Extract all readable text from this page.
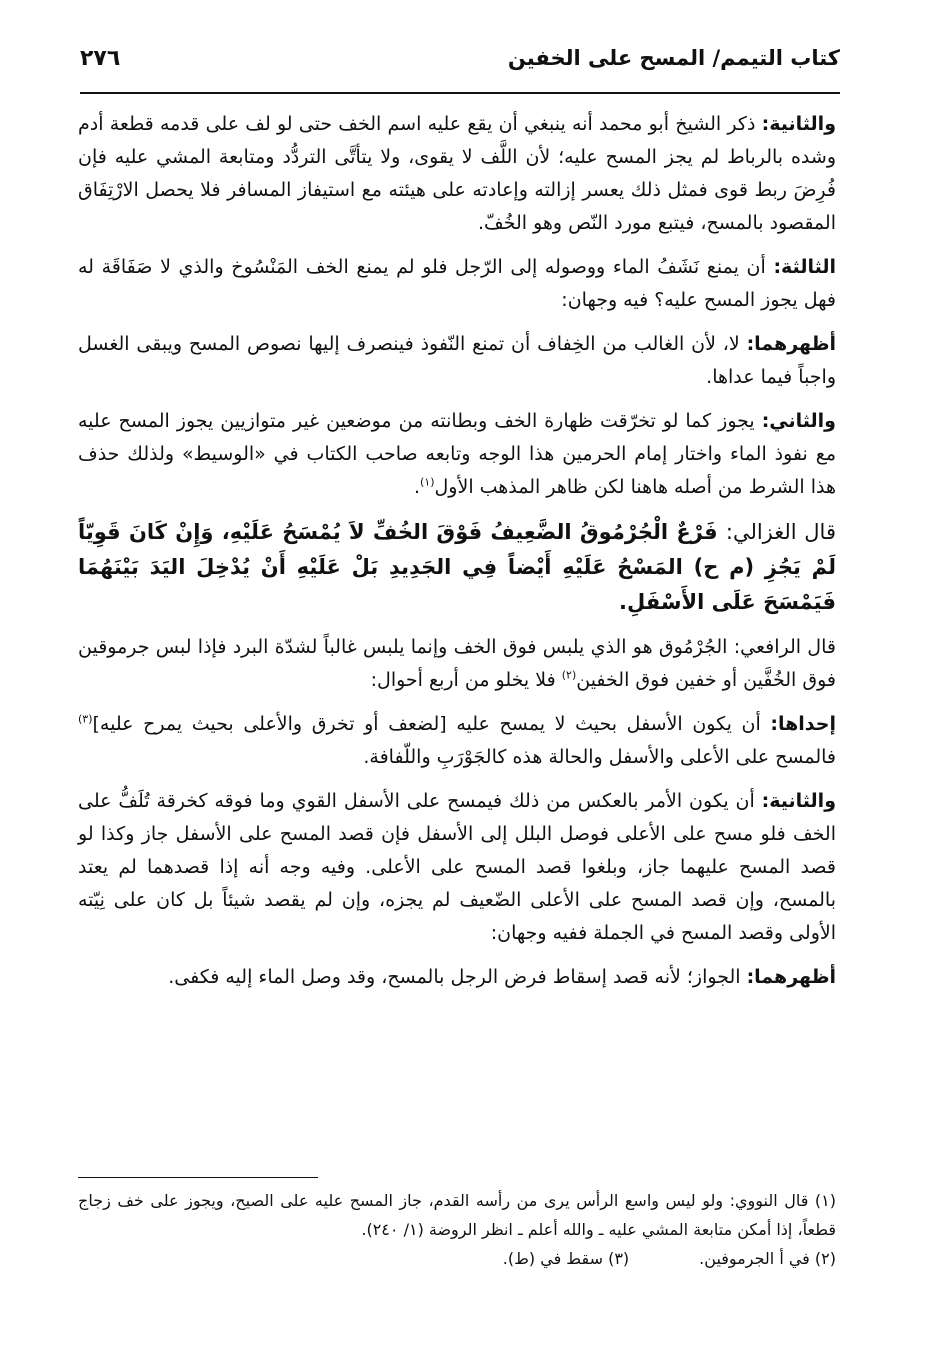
كتاب التيمم/ المسح على الخفين
٢٧٦

والثانية: ذكر الشيخ أبو محمد أنه ينبغي أن يقع عليه اسم الخف حتى لو لف على قدمه قطعة أدم وشده بالرباط لم يجز المسح عليه؛ لأن اللَّف لا يقوى، ولا يتأتَّى التردُّد ومتابعة المشي عليه فإن فُرِضَ ربط قوى فمثل ذلك يعسر إزالته وإعادته على هيئته مع استيفاز المسافر فلا يحصل الارْتِفَاق المقصود بالمسح، فيتبع مورد النّص وهو الخُفّ.

الثالثة: أن يمنع نَشَفُ الماء ووصوله إلى الرّجل فلو لم يمنع الخف المَنْسُوخ والذي لا صَفَاقَة له فهل يجوز المسح عليه؟ فيه وجهان:

أظهرهما: لا، لأن الغالب من الخِفاف أن تمنع النّفوذ فينصرف إليها نصوص المسح ويبقى الغسل واجباً فيما عداها.

والثاني: يجوز كما لو تخرّقت ظهارة الخف وبطانته من موضعين غير متوازيين يجوز المسح عليه مع نفوذ الماء واختار إمام الحرمين هذا الوجه وتابعه صاحب الكتاب في «الوسيط» ولذلك حذف هذا الشرط من أصله هاهنا لكن ظاهر المذهب الأول$^{(١)}$.

قال الغزالي: فَرْعٌ الْجُرْمُوقُ الضَّعِيفُ فَوْقَ الخُفِّ لاَ يُمْسَحُ عَلَيْهِ، وَإِنْ كَانَ قَوِيّاً لَمْ يَجُزِ (م ح) المَسْحُ عَلَيْهِ أَيْضاً فِي الجَدِيدِ بَلْ عَلَيْهِ أَنْ يُدْخِلَ اليَدَ بَيْنَهُمَا فَيَمْسَحَ عَلَى الأَسْفَلِ.

قال الرافعي: الجُرْمُوق هو الذي يلبس فوق الخف وإنما يلبس غالباً لشدّة البرد فإذا لبس جرموقين فوق الخُفَّين أو خفين فوق الخفين$^{(٢)}$ فلا يخلو من أربع أحوال:

إحداها: أن يكون الأسفل بحيث لا يمسح عليه [لضعف أو تخرق والأعلى بحيث يمرح عليه]$^{(٣)}$ فالمسح على الأعلى والأسفل والحالة هذه كالجَوْرَبِ واللّفافة.

والثانية: أن يكون الأمر بالعكس من ذلك فيمسح على الأسفل القوي وما فوقه كخرقة تُلَفُّ على الخف فلو مسح على الأعلى فوصل البلل إلى الأسفل فإن قصد المسح على الأسفل جاز وكذا لو قصد المسح عليهما جاز، وبلغوا قصد المسح على الأعلى. وفيه وجه أنه إذا قصدهما لم يعتد بالمسح، وإن قصد المسح على الأعلى الضّعيف لم يجزه، وإن لم يقصد شيئاً بل كان على نِيّته الأولى وقصد المسح في الجملة ففيه وجهان:

أظهرهما: الجواز؛ لأنه قصد إسقاط فرض الرجل بالمسح، وقد وصل الماء إليه فكفى.

(١) قال النووي: ولو ليس واسع الرأس يرى من رأسه القدم، جاز المسح عليه على الصيح، ويجوز على خف زجاج قطعاً، إذا أمكن متابعة المشي عليه ـ والله أعلم ـ انظر الروضة (١/ ٢٤٠).

(٢) في أ الجرموفين.
(٣) سقط في (ط).
